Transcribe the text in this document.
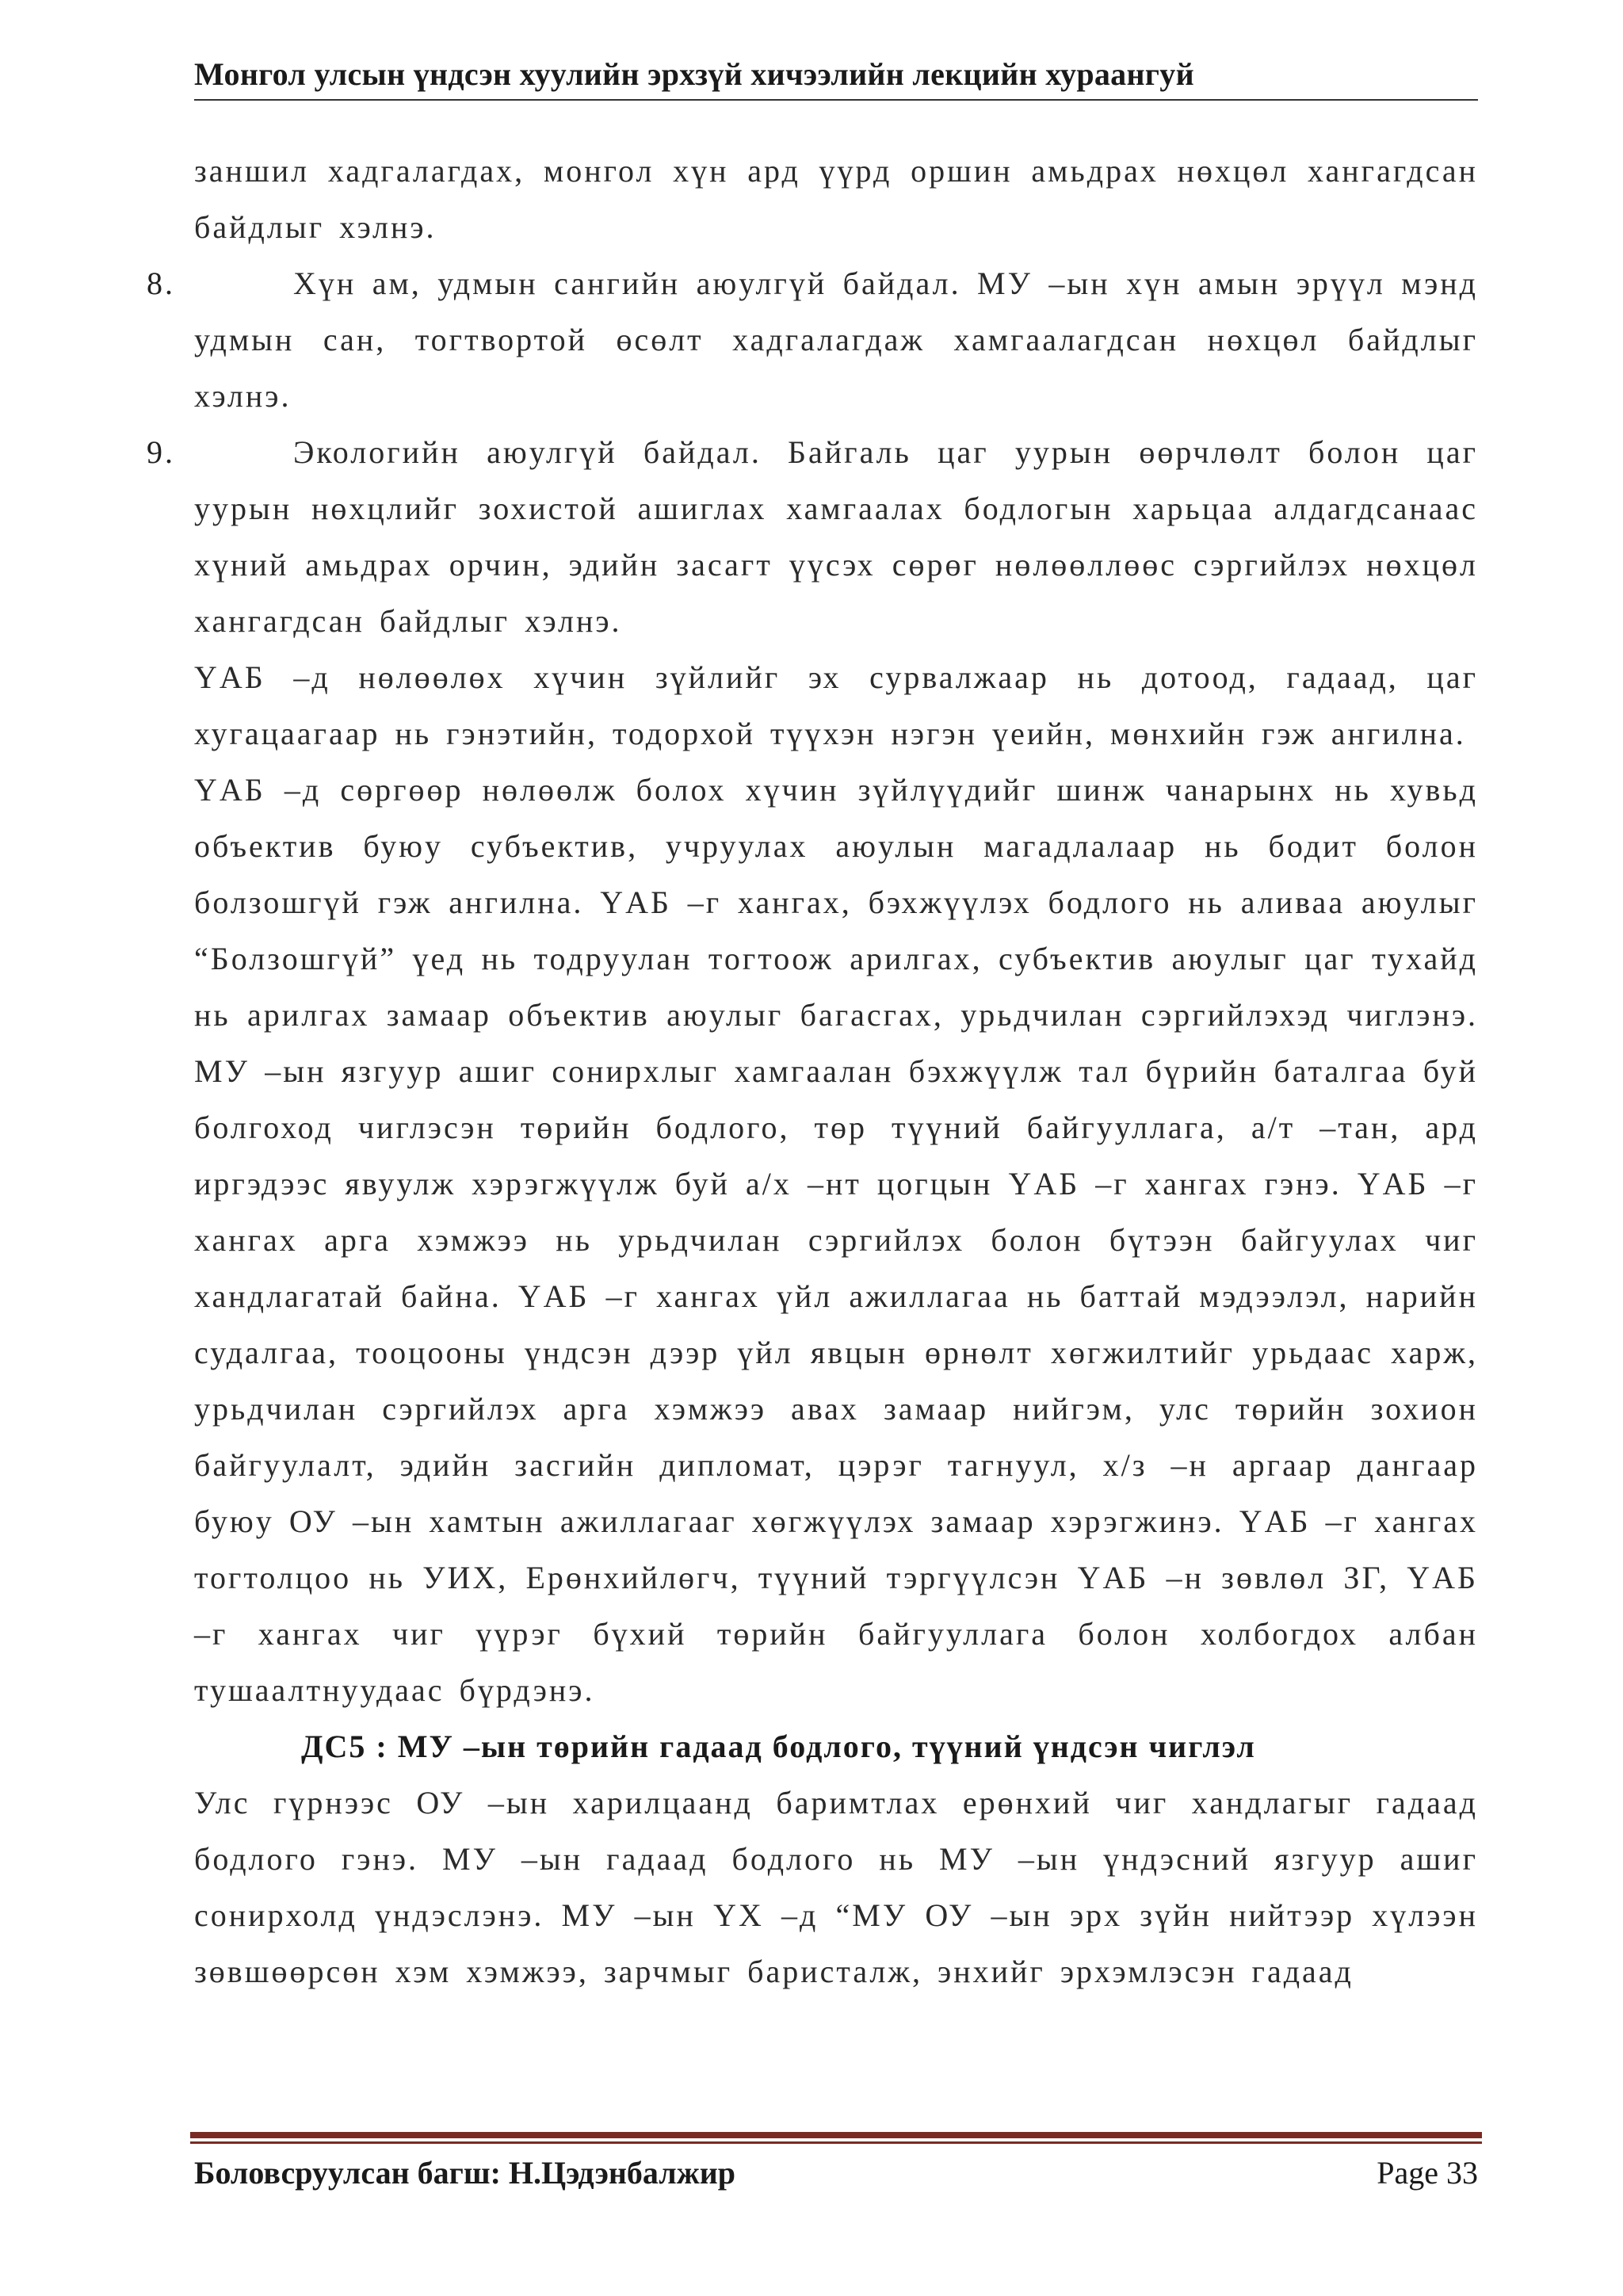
Монгол улсын үндсэн хуулийн эрхзүй хичээлийн лекцийн хураангуй

заншил хадгалагдах, монгол хүн ард үүрд оршин амьдрах нөхцөл хангагдсан байдлыг хэлнэ.

8.	Хүн ам, удмын сангийн аюулгүй байдал. МУ –ын хүн амын эрүүл мэнд удмын сан, тогтвортой өсөлт хадгалагдаж хамгаалагдсан нөхцөл байдлыг хэлнэ.

9.	Экологийн аюулгүй байдал. Байгаль цаг уурын өөрчлөлт болон цаг уурын нөхцлийг зохистой ашиглах хамгаалах бодлогын харьцаа алдагдсанаас хүний амьдрах орчин, эдийн засагт үүсэх сөрөг нөлөөллөөс сэргийлэх нөхцөл хангагдсан байдлыг хэлнэ.

ҮАБ –д нөлөөлөх хүчин зүйлийг эх сурвалжаар нь дотоод, гадаад, цаг хугацаагаар нь гэнэтийн, тодорхой түүхэн нэгэн үеийн, мөнхийн гэж ангилна.

ҮАБ –д сөргөөр нөлөөлж болох хүчин зүйлүүдийг шинж чанарынх нь хувьд объектив буюу субъектив, учруулах аюулын магадлалаар нь бодит болон болзошгүй гэж ангилна. ҮАБ –г хангах, бэхжүүлэх бодлого нь аливаа аюулыг “Болзошгүй” үед нь тодруулан тогтоож арилгах, субъектив аюулыг цаг тухайд нь арилгах замаар объектив аюулыг багасгах, урьдчилан сэргийлэхэд чиглэнэ. МУ –ын язгуур ашиг сонирхлыг хамгаалан бэхжүүлж тал бүрийн баталгаа буй болгоход чиглэсэн төрийн бодлого, төр түүний байгууллага, а/т –тан, ард иргэдээс явуулж хэрэгжүүлж буй а/х –нт цогцын ҮАБ –г хангах гэнэ. ҮАБ –г хангах арга хэмжээ нь урьдчилан сэргийлэх болон бүтээн байгуулах чиг хандлагатай байна. ҮАБ –г хангах үйл ажиллагаа нь баттай мэдээлэл, нарийн судалгаа, тооцооны үндсэн дээр үйл явцын өрнөлт хөгжилтийг урьдаас харж, урьдчилан сэргийлэх арга хэмжээ авах замаар нийгэм, улс төрийн зохион байгуулалт, эдийн засгийн дипломат, цэрэг тагнуул, х/з –н аргаар дангаар буюу ОУ –ын хамтын ажиллагааг хөгжүүлэх замаар хэрэгжинэ. ҮАБ –г хангах тогтолцоо нь УИХ, Ерөнхийлөгч, түүний тэргүүлсэн ҮАБ –н зөвлөл ЗГ, ҮАБ –г хангах чиг үүрэг бүхий төрийн байгууллага болон холбогдох албан тушаалтнуудаас бүрдэнэ.

ДС5 : МУ –ын төрийн гадаад бодлого, түүний үндсэн чиглэл

Улс гүрнээс ОУ –ын харилцаанд баримтлах ерөнхий чиг хандлагыг гадаад бодлого гэнэ. МУ –ын гадаад бодлого нь МУ –ын үндэсний язгуур ашиг сонирхолд үндэслэнэ. МУ –ын ҮХ –д “МУ ОУ –ын эрх зүйн нийтээр хүлээн зөвшөөрсөн хэм хэмжээ, зарчмыг баристалж, энхийг эрхэмлэсэн гадаад

Боловсруулсан багш: Н.Цэдэнбалжир	Page 33
